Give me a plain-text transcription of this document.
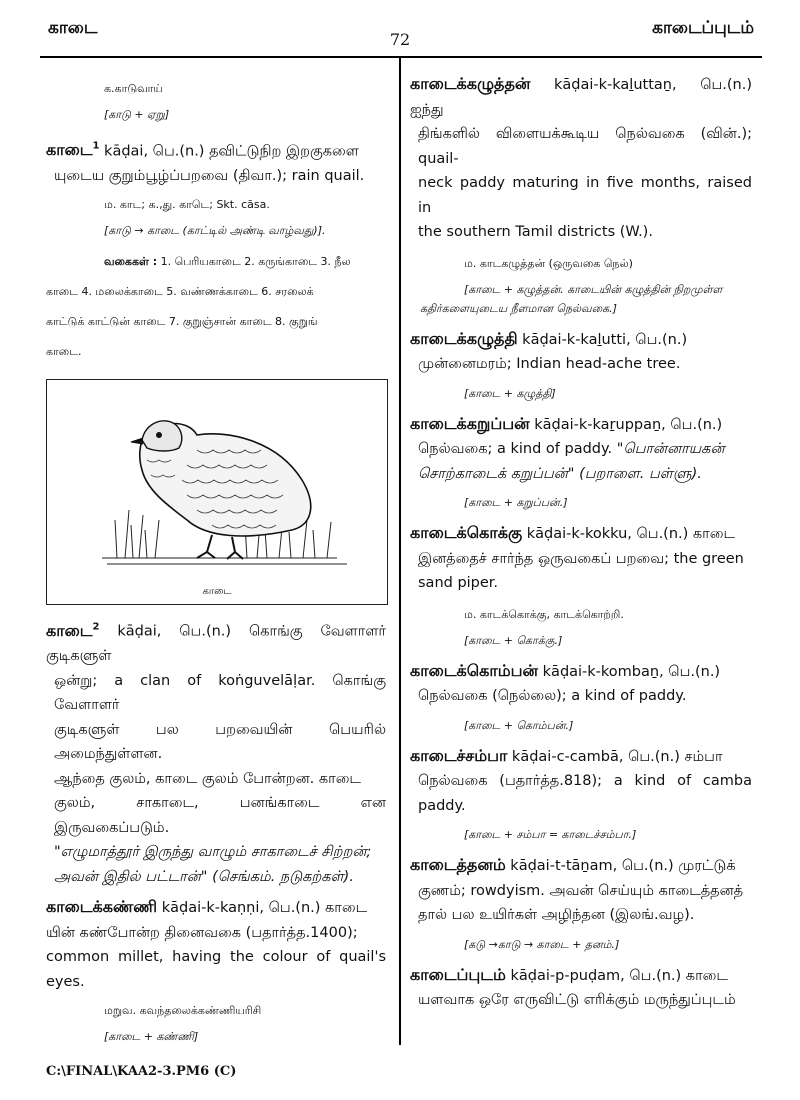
காடை
72
காடைப்புடம்
க.காடுவாய்
[காடு + ஏறு]
காடை$^1$ kāḍai, பெ.(n.) தவிட்டுநிற இறகுகளை
யுடைய குறும்பூழ்ப்பறவை (திவா.); rain quail.
ம. காட; க.,து. காடெ; Skt. cāsa.
[காடு → காடை (காட்டில் அண்டி வாழ்வது)].
வகைகள் : 1. பெரியகாடை 2. கருங்காடை 3. நீல
காடை 4. மலைக்காடை 5. வண்ணக்காடை 6. சரலைக்
காட்டுக் காட்டுன் காடை 7. குறுஞ்சான் காடை 8. குறுங்
காடை.
காடை
காடை$^2$ kāḍai, பெ.(n.) கொங்கு வேளாளர் குடிகளுள்
ஒன்று; a clan of koṅguvelāḷar. கொங்கு வேளாளர்
குடிகளுள் பல பறவையின் பெயரில் அமைந்துள்ளன.
ஆந்தை குலம், காடை குலம் போன்றன. காடை
குலம், சாகாடை, பனங்காடை என இருவகைப்படும்.
"எழுமாத்தூர் இருந்து வாழும் சாகாடைச் சிற்றன்;
அவன் இதில் பட்டான்" (செங்கம். நடுகற்கள்).
காடைக்கண்ணி kāḍai-k-kaṇṇi, பெ.(n.) காடை
யின் கண்போன்ற தினைவகை (பதார்த்த.1400);
common millet, having the colour of quail's eyes.
மறுவ. கவந்தலைக்கண்ணியரிசி
[காடை + கண்ணி]
காடைக்கழுத்தன் kāḍai-k-kaḻuttaṉ, பெ.(n.) ஐந்து
திங்களில் விளையக்கூடிய நெல்வகை (வின்.); quail-
neck paddy maturing in five months, raised in
the southern Tamil districts (W.).
ம. காடகழுத்தன் (ஒருவகை நெல்)
[காடை + கழுத்தன். காடையின் கழுத்தின் நிறமுள்ள
கதிர்களையுடைய நீளமான நெல்வகை.]
காடைக்கழுத்தி kāḍai-k-kaḻutti, பெ.(n.)
முன்னைமரம்; Indian head-ache tree.
[காடை + கழுத்தி]
காடைக்கறுப்பன் kāḍai-k-kaṟuppaṉ, பெ.(n.)
நெல்வகை; a kind of paddy. "பொன்னாயகன்
சொற்காடைக் கறுப்பன்" (பறாளை. பள்ளு).
[காடை + கறுப்பன்.]
காடைக்கொக்கு kāḍai-k-kokku, பெ.(n.) காடை
இனத்தைச் சார்ந்த ஒருவகைப் பறவை; the green
sand piper.
ம. காடக்கொக்கு, காடக்கொற்றி.
[காடை + கொக்கு.]
காடைக்கொம்பன் kāḍai-k-kombaṉ, பெ.(n.)
நெல்வகை (நெல்லை); a kind of paddy.
[காடை + கொம்பன்.]
காடைச்சம்பா kāḍai-c-cambā, பெ.(n.) சம்பா
நெல்வகை (பதார்த்த.818); a kind of camba paddy.
[காடை + சம்பா = காடைச்சம்பா.]
காடைத்தனம் kāḍai-t-tāṉam, பெ.(n.) முரட்டுக்
குணம்; rowdyism. அவன் செய்யும் காடைத்தனத்
தால் பல உயிர்கள் அழிந்தன (இலங்.வழ).
[கடு →காடு → காடை + தனம்.]
காடைப்புடம் kāḍai-p-puḍam, பெ.(n.) காடை
யளவாக ஒரே எருவிட்டு எரிக்கும் மருந்துப்புடம்
C:\FINAL\KAA2-3.PM6 (C)
